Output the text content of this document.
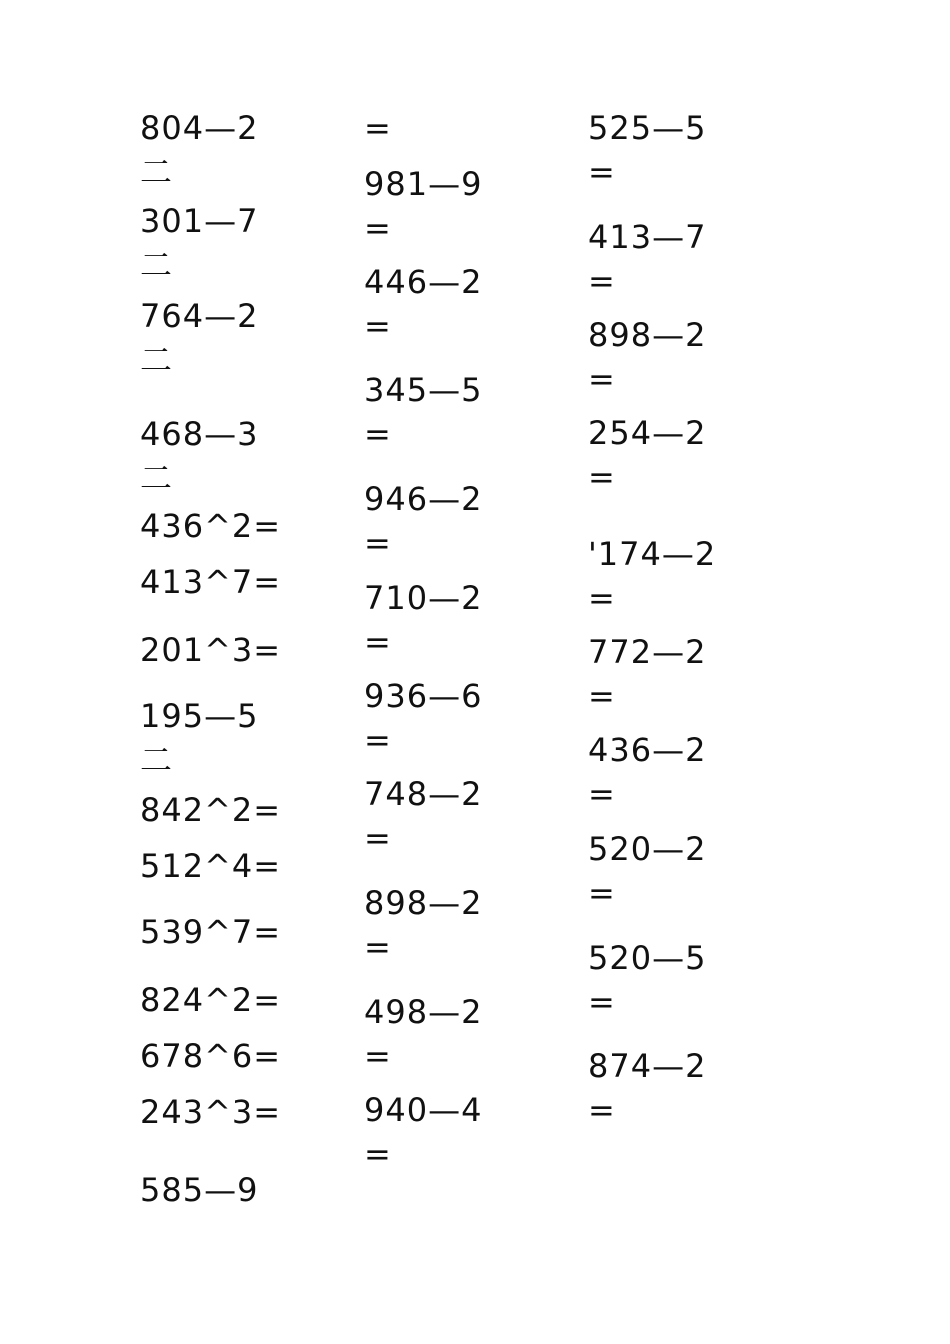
804—2
二
301—7
二
764—2
二
468—3
二
436^2=
413^7=
201^3=
195—5
二
842^2=
512^4=
539^7=
824^2=
678^6=
243^3=
585—9
=
981—9
=
446—2
=
345—5
=
946—2
=
710—2
=
936—6
=
748—2
=
898—2
=
498—2
=
940—4
=
525—5
=
413—7
=
898—2
=
254—2
=
'174—2
=
772—2
=
436—2
=
520—2
=
520—5
=
874—2
=
